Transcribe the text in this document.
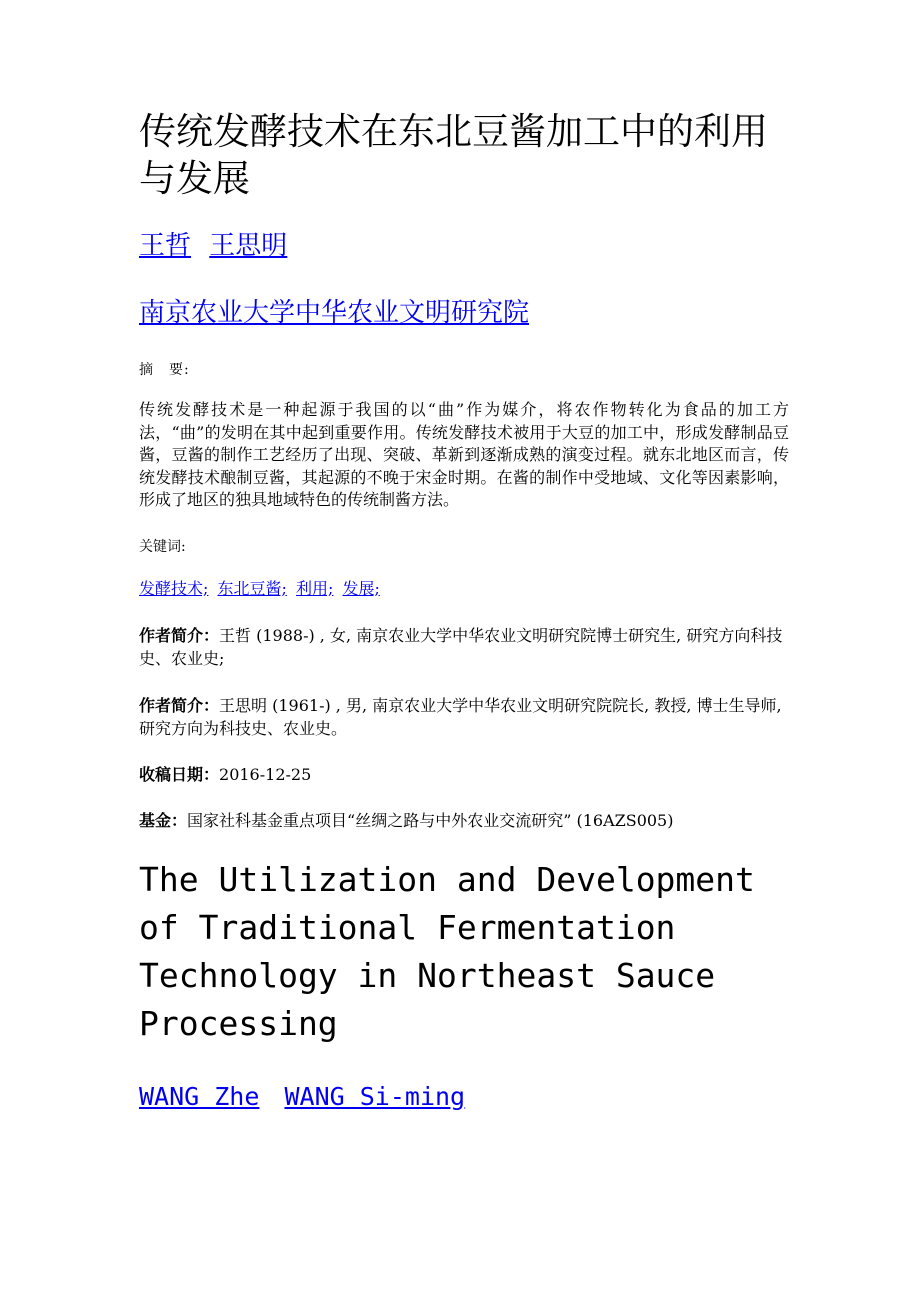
传统发酵技术在东北豆酱加工中的利用与发展
王哲 王思明
南京农业大学中华农业文明研究院
摘　要:
传统发酵技术是一种起源于我国的以“曲”作为媒介，将农作物转化为食品的加工方法，“曲”的发明在其中起到重要作用。传统发酵技术被用于大豆的加工中，形成发酵制品豆酱，豆酱的制作工艺经历了出现、突破、革新到逐渐成熟的演变过程。就东北地区而言，传统发酵技术酿制豆酱，其起源的不晚于宋金时期。在酱的制作中受地域、文化等因素影响，形成了地区的独具地域特色的传统制酱方法。
关键词:
发酵技术; 东北豆酱; 利用; 发展;
作者简介：王哲 (1988-) , 女, 南京农业大学中华农业文明研究院博士研究生, 研究方向科技史、农业史;
作者简介：王思明 (1961-) , 男, 南京农业大学中华农业文明研究院院长, 教授, 博士生导师, 研究方向为科技史、农业史。
收稿日期：2016-12-25
基金：国家社科基金重点项目“丝绸之路与中外农业交流研究” (16AZS005)
The Utilization and Development of Traditional Fermentation Technology in Northeast Sauce Processing
WANG Zhe WANG Si-ming
